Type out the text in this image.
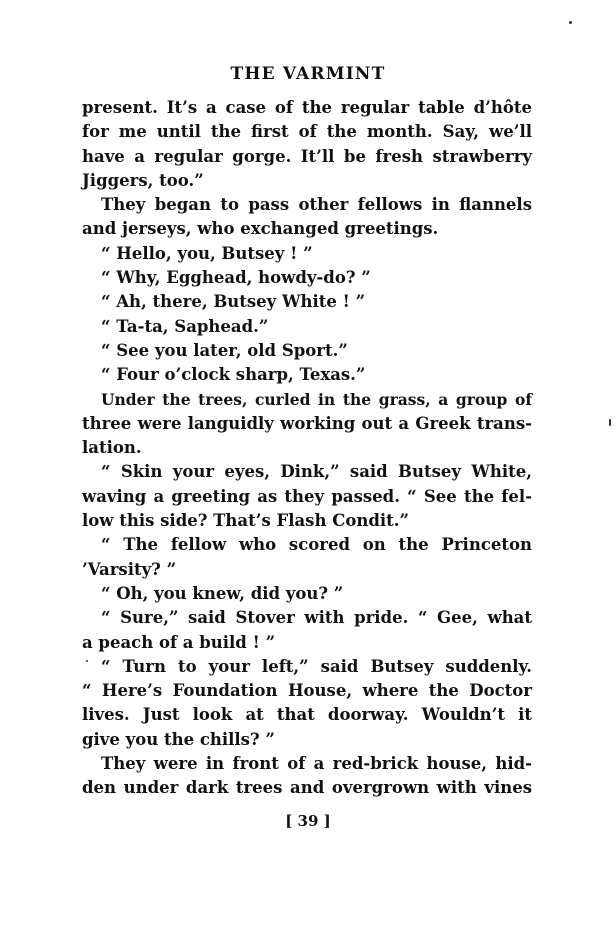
THE VARMINT
present. It’s a case of the regular table d’hôte
for me until the first of the month. Say, we’ll
have a regular gorge. It’ll be fresh strawberry
Jiggers, too.”
They began to pass other fellows in flannels
and jerseys, who exchanged greetings.
“ Hello, you, Butsey ! ”
“ Why, Egghead, howdy-do? ”
“ Ah, there, Butsey White ! ”
“ Ta-ta, Saphead.”
“ See you later, old Sport.”
“ Four o’clock sharp, Texas.”
Under the trees, curled in the grass, a group of
three were languidly working out a Greek trans-
lation.
“ Skin your eyes, Dink,” said Butsey White,
waving a greeting as they passed. “ See the fel-
low this side? That’s Flash Condit.”
“ The fellow who scored on the Princeton
’Varsity? ”
“ Oh, you knew, did you? ”
“ Sure,” said Stover with pride. “ Gee, what
a peach of a build ! ”
“ Turn to your left,” said Butsey suddenly.
“ Here’s Foundation House, where the Doctor
lives. Just look at that doorway. Wouldn’t it
give you the chills? ”
They were in front of a red-brick house, hid-
den under dark trees and overgrown with vines
[ 39 ]
